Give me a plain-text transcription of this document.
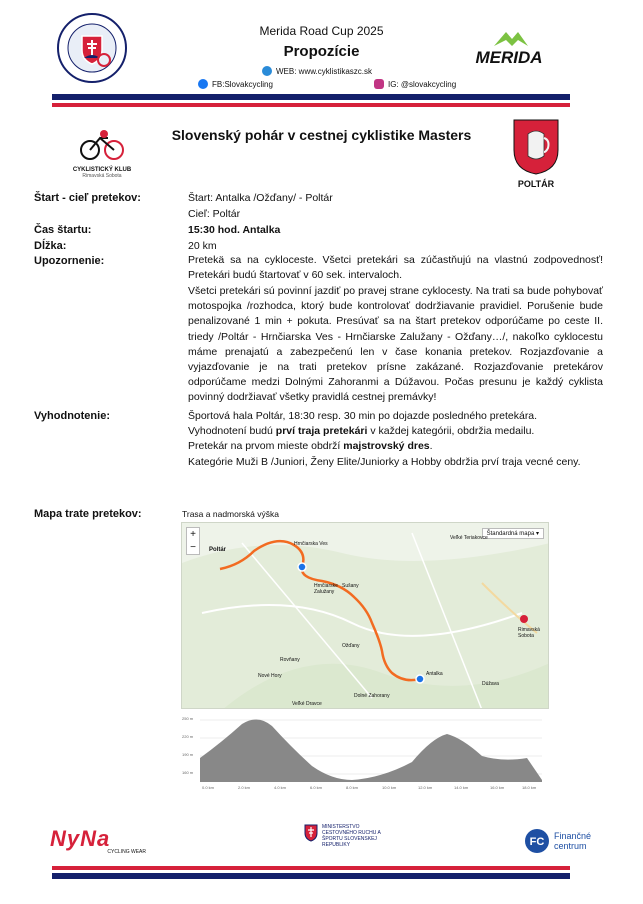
Merida Road Cup 2025
Propozície
WEB: www.cyklistikaszc.sk
FB:Slovakcycling	IG: @slovakcycling
MERIDA
CYKLISTICKÝ KLUB
Rimavská Sobota
Slovenský pohár v cestnej cyklistike Masters
POLTÁR
Štart - cieľ pretekov:	Štart: Antalka /Ožďany/ - Poltár
Cieľ: Poltár
Čas štartu:	15:30 hod. Antalka
Dĺžka:	20 km
Upozornenie:	Pretekä sa na cykloceste. Všetci pretekári sa zúčastňujú na vlastnú zodpovednosť! Pretekári budú štartovať v 60 sek. intervaloch.
Všetci pretekári sú povinní jazdiť po pravej strane cyklocesty. Na trati sa bude pohybovať motospojka /rozhodca, ktorý bude kontrolovať dodržiavanie pravidiel. Porušenie bude penalizované 1 min + pokuta. Presúvať sa na štart pretekov odporúčame po ceste II. triedy /Poltár - Hrnčiarska Ves - Hrnčiarske Zalužany - Ožďany…/, nakoľko cyklocestu máme prenajatú a zabezpečenú len v čase konania pretekov. Rozjazďovanie a vyjazďovanie je na trati pretekov prísne zakázané. Rozjazďovanie pretekárov odporúčame medzi Dolnými Zahoranmi a Dúžavou. Počas presunu je každý cyklista povinný dodržiavať všetky pravidlá cestnej premávky!
Vyhodnotenie:	Športová hala Poltár, 18:30 resp. 30 min po dojazde posledného pretekára.
Vyhodnotení budú prví traja pretekári v každej kategórii, obdržia medailu.
Pretekár na prvom mieste obdrží majstrovský dres.
Kategórie Muži B /Juniori, Ženy Elite/Juniorky a Hobby obdržia prví traja vecné ceny.
Mapa trate pretekov:	Trasa a nadmorská výška
+
−
Štandardná mapa ▾
Poltár
Hrnčiarska Ves
Hrnčiarske Zalužany
Sušany
Ožďany
Rovňany
Veľké Dravce
Nové Hory
Dolné Zahorany
Antalka
Veľké Teriakovce
Rimavská Sobota
Dúžava
0.0 km	2.0 km	4.0 km	6.0 km	8.0 km	10.0 km	12.0 km	14.0 km	16.0 km	18.0 km
250 m
220 m
190 m
160 m
NyNa
CYCLING WEAR
MINISTERSTVO CESTOVNÉHO RUCHU A ŠPORTU SLOVENSKEJ REPUBLIKY	FC Finančné centrum
